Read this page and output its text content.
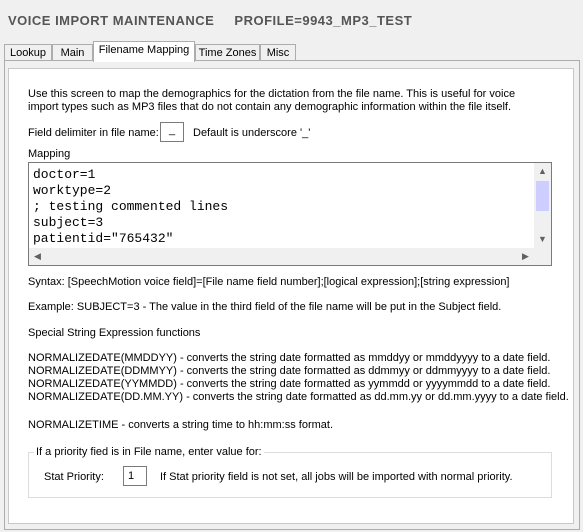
VOICE IMPORT MAINTENANCE PROFILE=9943_MP3_TEST
Lookup	Main	Filename Mapping Time Zones Misc
Use this screen to map the demographics for the dictation from the file name. This is useful for voice import types such as MP3 files that do not contain any demographic information within the file itself.
Field delimiter in file name: _	Default is underscore '_'
Mapping
doctor=1
worktype=2
; testing commented lines
subject=3
patientid="765432"
▲
▼
◀	▶
Syntax: [SpeechMotion voice field]=[File name field number];[logical expression];[string expression]
Example: SUBJECT=3 - The value in the third field of the file name will be put in the Subject field.
Special String Expression functions
NORMALIZEDATE(MMDDYY) - converts the string date formatted as mmddyy or mmddyyyy to a date field.
NORMALIZEDATE(DDMMYY) - converts the string date formatted as ddmmyy or ddmmyyyy to a date field.
NORMALIZEDATE(YYMMDD) - converts the string date formatted as yymmdd or yyyymmdd to a date field.
NORMALIZEDATE(DD.MM.YY) - converts the string date formatted as dd.mm.yy or dd.mm.yyyy to a date field.
NORMALIZETIME - converts a string time to hh:mm:ss format.
If a priority fied is in File name, enter value for:
Stat Priority:	1	If Stat priority field is not set, all jobs will be imported with normal priority.
